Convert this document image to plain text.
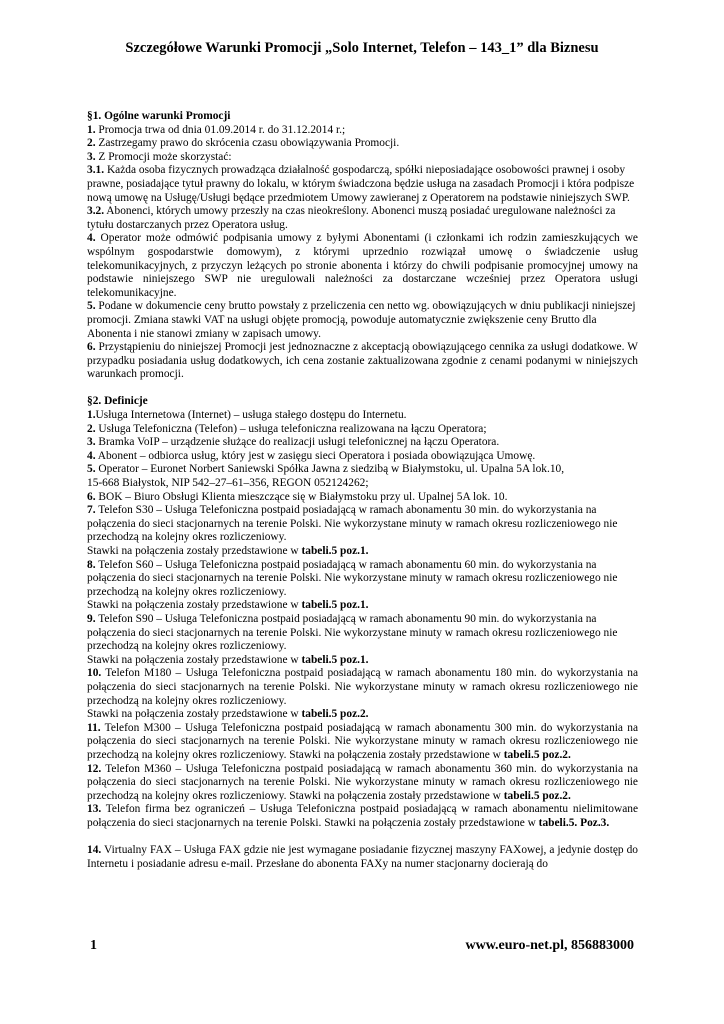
Szczegółowe Warunki Promocji „Solo Internet, Telefon – 143_1” dla Biznesu

§1. Ogólne warunki Promocji

1. Promocja trwa od dnia 01.09.2014 r. do 31.12.2014 r.;

2. Zastrzegamy prawo do skrócenia czasu obowiązywania Promocji.

3. Z Promocji może skorzystać:

3.1. Każda osoba fizycznych prowadząca działalność gospodarczą, spółki nieposiadające osobowości prawnej i osoby prawne, posiadające tytuł prawny do lokalu, w którym świadczona będzie usługa na zasadach Promocji i która podpisze nową umowę na Usługę/Usługi będące przedmiotem Umowy zawieranej z Operatorem na podstawie niniejszych SWP.

3.2. Abonenci, których umowy przeszły na czas nieokreślony. Abonenci muszą posiadać uregulowane należności za tytułu dostarczanych przez Operatora usług.

4. Operator może odmówić podpisania umowy z byłymi Abonentami (i członkami ich rodzin zamieszkujących we wspólnym gospodarstwie domowym), z którymi uprzednio rozwiązał umowę o świadczenie usług telekomunikacyjnych, z przyczyn leżących po stronie abonenta i którzy do chwili podpisanie promocyjnej umowy na podstawie niniejszego SWP nie uregulowali należności za dostarczane wcześniej przez Operatora usługi telekomunikacyjne.

5. Podane w dokumencie ceny brutto powstały z przeliczenia cen netto wg. obowiązujących w dniu publikacji niniejszej promocji. Zmiana stawki VAT na usługi objęte promocją, powoduje automatycznie zwiększenie ceny Brutto dla Abonenta i nie stanowi zmiany w zapisach umowy.

6. Przystąpieniu do niniejszej Promocji jest jednoznaczne z akceptacją obowiązującego cennika za usługi dodatkowe. W przypadku posiadania usług dodatkowych, ich cena zostanie zaktualizowana zgodnie z cenami podanymi w niniejszych warunkach promocji.

§2. Definicje

1.Usługa Internetowa (Internet) – usługa stałego dostępu do Internetu.

2. Usługa Telefoniczna (Telefon) – usługa telefoniczna realizowana na łączu Operatora;

3. Bramka VoIP – urządzenie służące do realizacji usługi telefonicznej na łączu Operatora.

4. Abonent – odbiorca usług, który jest w zasięgu sieci Operatora i posiada obowiązująca Umowę.

5. Operator – Euronet Norbert Saniewski Spółka Jawna z siedzibą w Białymstoku, ul. Upalna 5A lok.10,
15-668 Białystok, NIP 542–27–61–356, REGON 052124262;

6. BOK – Biuro Obsługi Klienta mieszczące się w Białymstoku przy ul. Upalnej 5A lok. 10.

7. Telefon S30 – Usługa Telefoniczna postpaid posiadającą w ramach abonamentu 30 min. do wykorzystania na połączenia do sieci stacjonarnych na terenie Polski. Nie wykorzystane minuty w ramach okresu rozliczeniowego nie przechodzą na kolejny okres rozliczeniowy.
Stawki na połączenia zostały przedstawione w tabeli.5 poz.1.

8. Telefon S60 – Usługa Telefoniczna postpaid posiadającą w ramach abonamentu 60 min. do wykorzystania na połączenia do sieci stacjonarnych na terenie Polski. Nie wykorzystane minuty w ramach okresu rozliczeniowego nie przechodzą na kolejny okres rozliczeniowy.
Stawki na połączenia zostały przedstawione w tabeli.5 poz.1.

9. Telefon S90 – Usługa Telefoniczna postpaid posiadającą w ramach abonamentu 90 min. do wykorzystania na połączenia do sieci stacjonarnych na terenie Polski. Nie wykorzystane minuty w ramach okresu rozliczeniowego nie przechodzą na kolejny okres rozliczeniowy.
Stawki na połączenia zostały przedstawione w tabeli.5 poz.1.

10. Telefon M180 – Usługa Telefoniczna postpaid posiadającą w ramach abonamentu 180 min. do wykorzystania na połączenia do sieci stacjonarnych na terenie Polski. Nie wykorzystane minuty w ramach okresu rozliczeniowego nie przechodzą na kolejny okres rozliczeniowy.
Stawki na połączenia zostały przedstawione w tabeli.5 poz.2.

11. Telefon M300 – Usługa Telefoniczna postpaid posiadającą w ramach abonamentu 300 min. do wykorzystania na połączenia do sieci stacjonarnych na terenie Polski. Nie wykorzystane minuty w ramach okresu rozliczeniowego nie przechodzą na kolejny okres rozliczeniowy. Stawki na połączenia zostały przedstawione w tabeli.5 poz.2.

12. Telefon M360 – Usługa Telefoniczna postpaid posiadającą w ramach abonamentu 360 min. do wykorzystania na połączenia do sieci stacjonarnych na terenie Polski. Nie wykorzystane minuty w ramach okresu rozliczeniowego nie przechodzą na kolejny okres rozliczeniowy. Stawki na połączenia zostały przedstawione w tabeli.5 poz.2.

13. Telefon firma bez ograniczeń – Usługa Telefoniczna postpaid posiadającą w ramach abonamentu nielimitowane połączenia do sieci stacjonarnych na terenie Polski. Stawki na połączenia zostały przedstawione w tabeli.5. Poz.3.

14. Virtualny FAX – Usługa FAX gdzie nie jest wymagane posiadanie fizycznej maszyny FAXowej, a jedynie dostęp do Internetu i posiadanie adresu e-mail. Przesłane do abonenta FAXy na numer stacjonarny docierają do

1	www.euro-net.pl, 856883000
